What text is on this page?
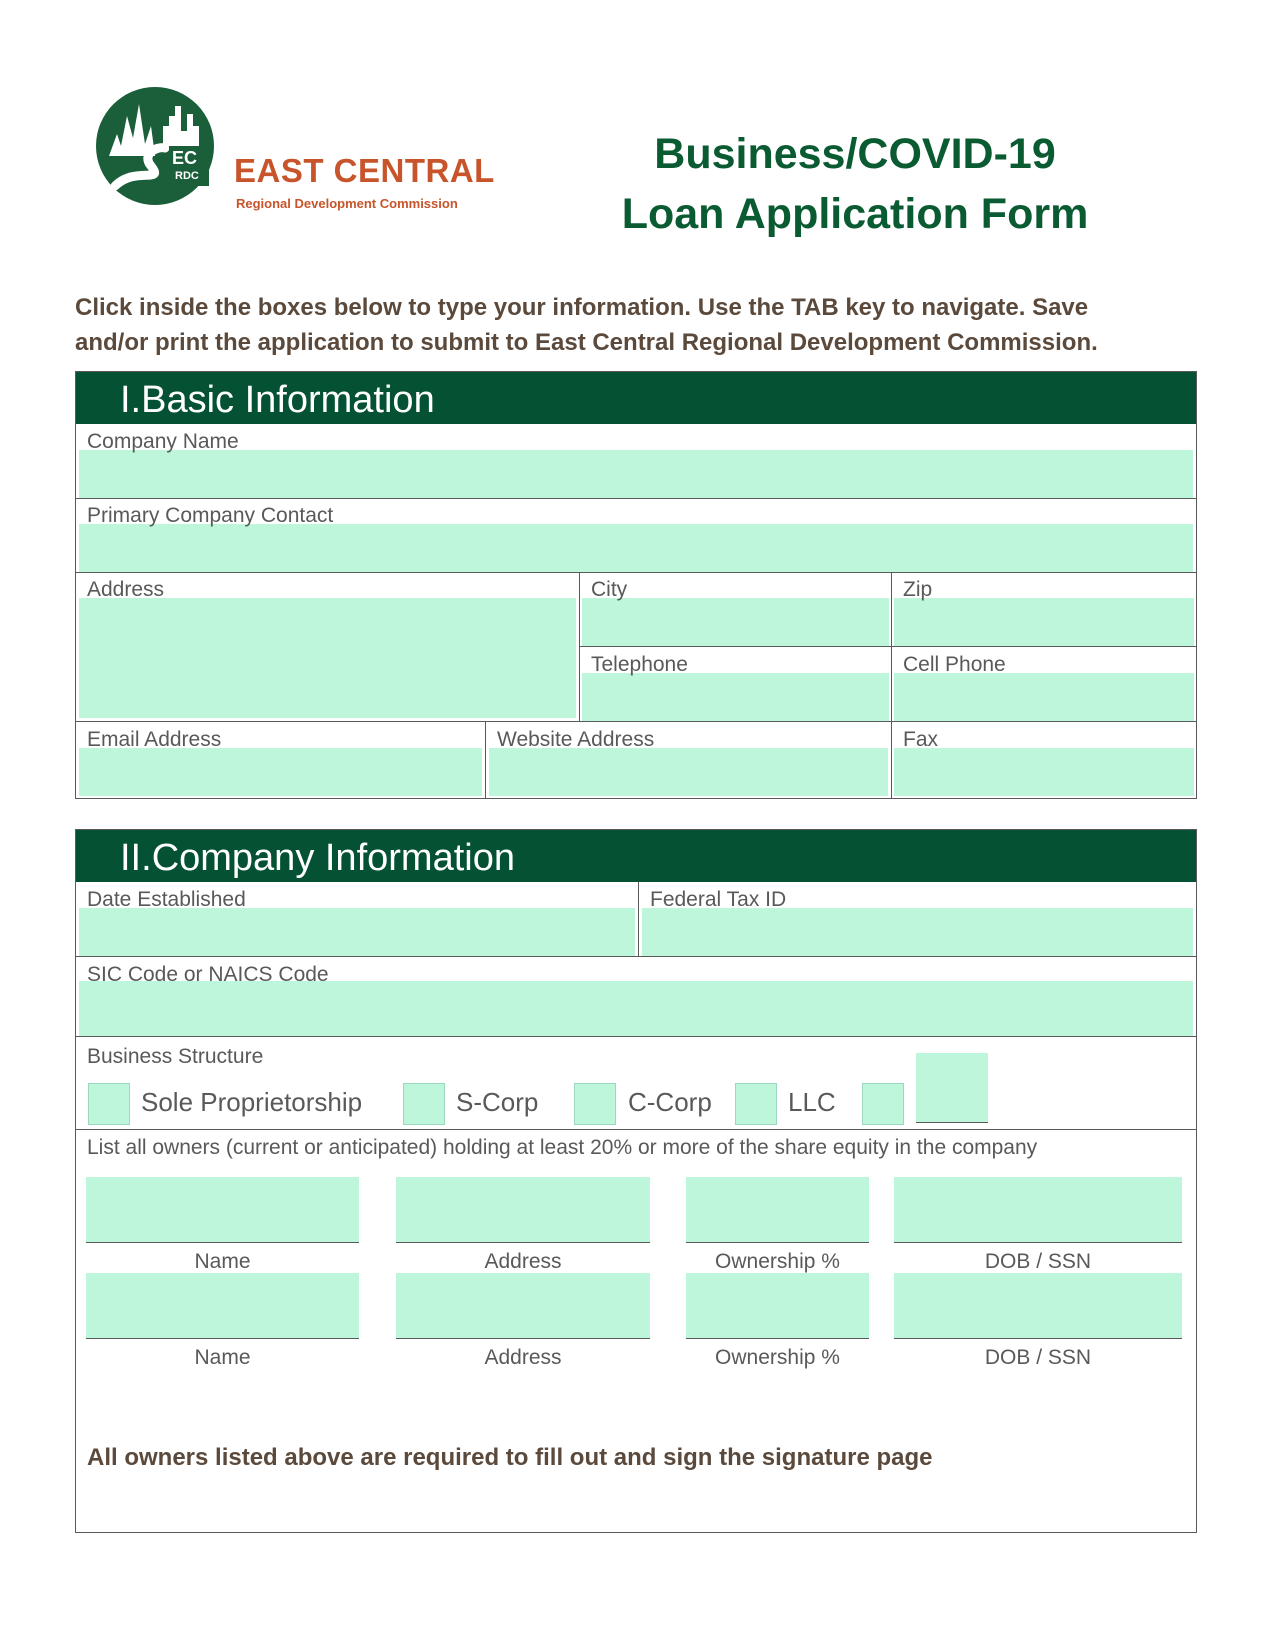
EC
RDC EAST CENTRAL
Regional Development Commission
Business/COVID-19
Loan Application Form
Click inside the boxes below to type your information. Use the TAB key to navigate. Save
and/or print the application to submit to East Central Regional Development Commission.
I.Basic Information
Company Name
Primary Company Contact
Address	City	Zip
Telephone	Cell Phone
Email Address	Website Address	Fax
II.Company Information
Date Established	Federal Tax ID
SIC Code or NAICS Code
Business Structure
Sole Proprietorship	S-Corp	C-Corp	LLC
List all owners (current or anticipated) holding at least 20% or more of the share equity in the company
Name	Address	Ownership %	DOB / SSN
Name	Address	Ownership %	DOB / SSN
All owners listed above are required to fill out and sign the signature page
